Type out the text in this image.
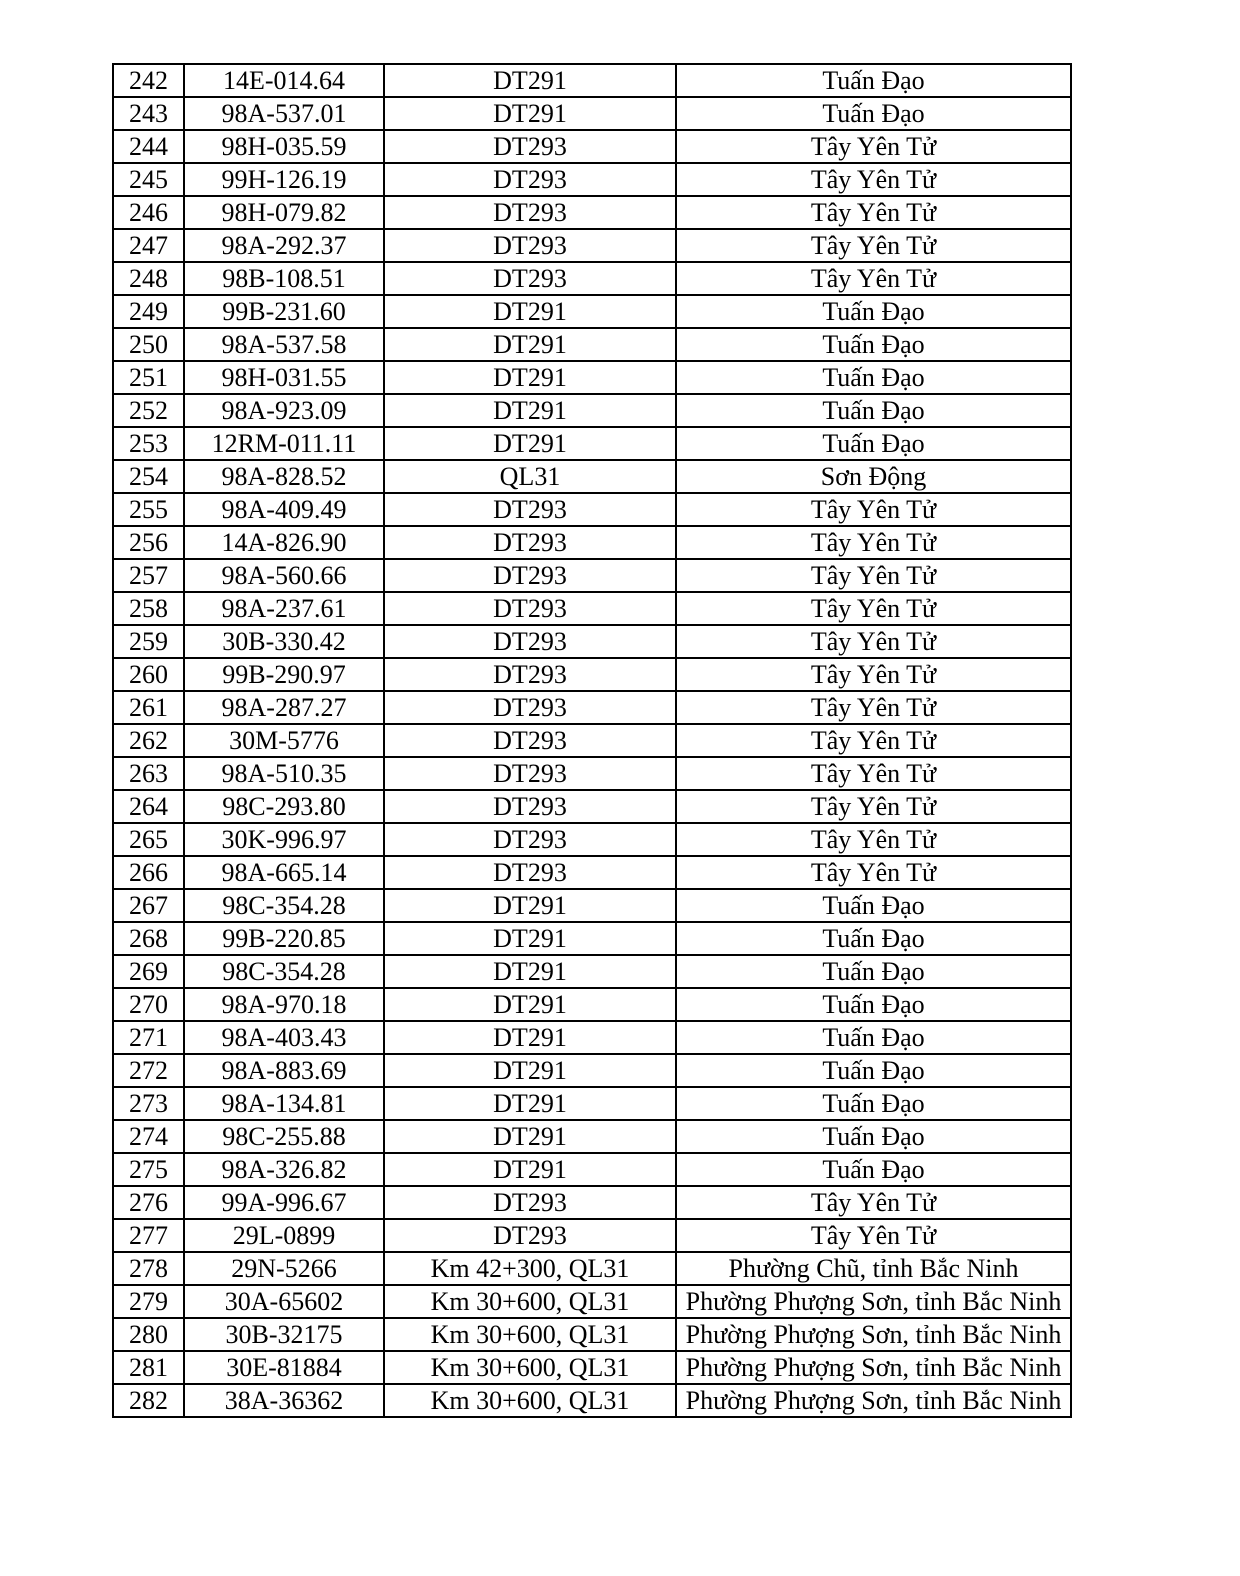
242	14E-014.64	DT291	Tuấn Đạo
243	98A-537.01	DT291	Tuấn Đạo
244	98H-035.59	DT293	Tây Yên Tử
245	99H-126.19	DT293	Tây Yên Tử
246	98H-079.82	DT293	Tây Yên Tử
247	98A-292.37	DT293	Tây Yên Tử
248	98B-108.51	DT293	Tây Yên Tử
249	99B-231.60	DT291	Tuấn Đạo
250	98A-537.58	DT291	Tuấn Đạo
251	98H-031.55	DT291	Tuấn Đạo
252	98A-923.09	DT291	Tuấn Đạo
253	12RM-011.11	DT291	Tuấn Đạo
254	98A-828.52	QL31	Sơn Động
255	98A-409.49	DT293	Tây Yên Tử
256	14A-826.90	DT293	Tây Yên Tử
257	98A-560.66	DT293	Tây Yên Tử
258	98A-237.61	DT293	Tây Yên Tử
259	30B-330.42	DT293	Tây Yên Tử
260	99B-290.97	DT293	Tây Yên Tử
261	98A-287.27	DT293	Tây Yên Tử
262	30M-5776	DT293	Tây Yên Tử
263	98A-510.35	DT293	Tây Yên Tử
264	98C-293.80	DT293	Tây Yên Tử
265	30K-996.97	DT293	Tây Yên Tử
266	98A-665.14	DT293	Tây Yên Tử
267	98C-354.28	DT291	Tuấn Đạo
268	99B-220.85	DT291	Tuấn Đạo
269	98C-354.28	DT291	Tuấn Đạo
270	98A-970.18	DT291	Tuấn Đạo
271	98A-403.43	DT291	Tuấn Đạo
272	98A-883.69	DT291	Tuấn Đạo
273	98A-134.81	DT291	Tuấn Đạo
274	98C-255.88	DT291	Tuấn Đạo
275	98A-326.82	DT291	Tuấn Đạo
276	99A-996.67	DT293	Tây Yên Tử
277	29L-0899	DT293	Tây Yên Tử
278	29N-5266	Km 42+300, QL31	Phường Chũ, tỉnh Bắc Ninh
279	30A-65602	Km 30+600, QL31	Phường Phượng Sơn, tỉnh Bắc Ninh
280	30B-32175	Km 30+600, QL31	Phường Phượng Sơn, tỉnh Bắc Ninh
281	30E-81884	Km 30+600, QL31	Phường Phượng Sơn, tỉnh Bắc Ninh
282	38A-36362	Km 30+600, QL31	Phường Phượng Sơn, tỉnh Bắc Ninh
